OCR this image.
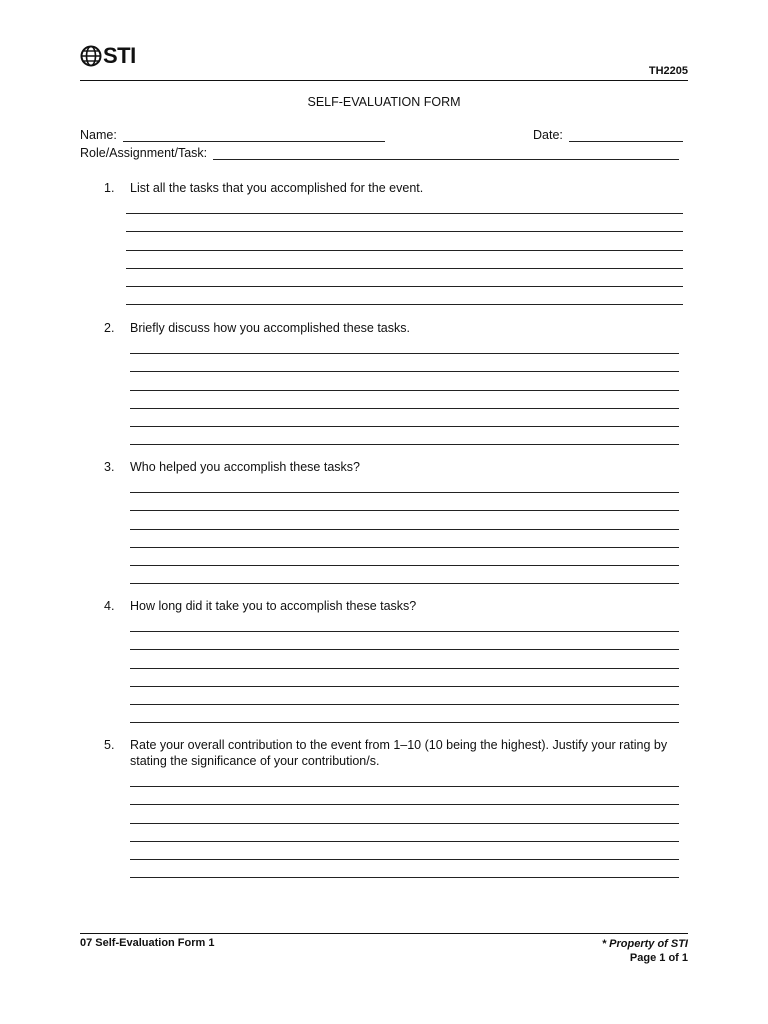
STI
TH2205
SELF-EVALUATION FORM
Name:	Date:
Role/Assignment/Task:
1.	List all the tasks that you accomplished for the event.
2.	Briefly discuss how you accomplished these tasks.
3.	Who helped you accomplish these tasks?
4.	How long did it take you to accomplish these tasks?
5.	Rate your overall contribution to the event from 1–10 (10 being the highest). Justify your rating by stating the significance of your contribution/s.
07 Self-Evaluation Form 1	* Property of STI
Page 1 of 1
